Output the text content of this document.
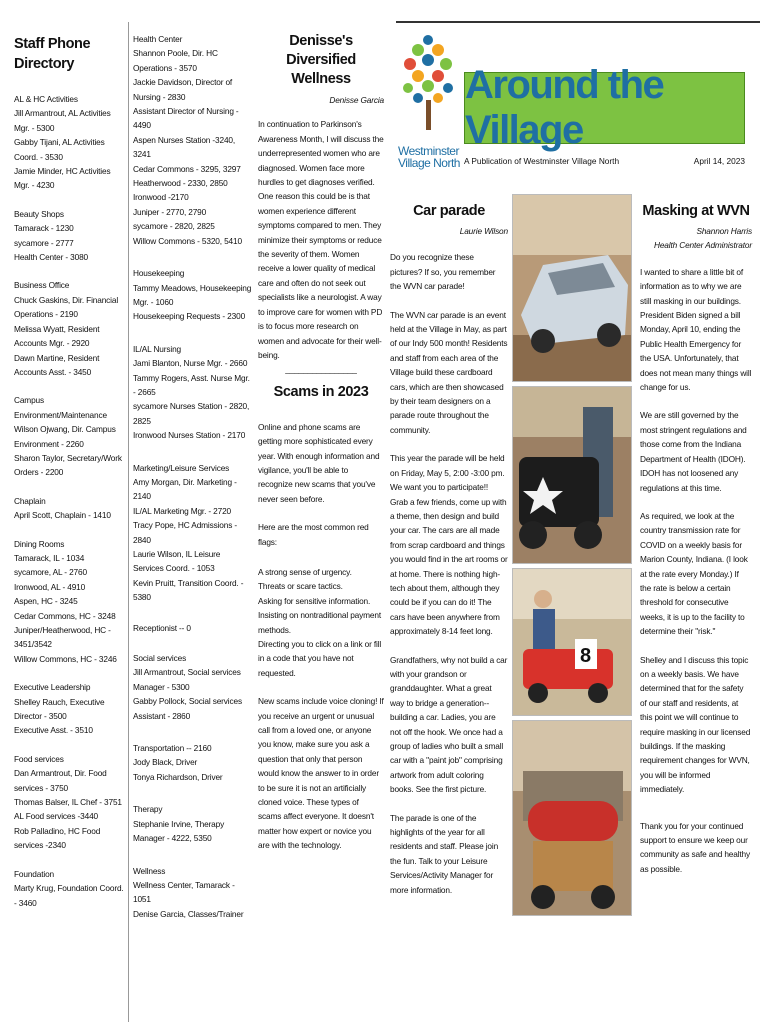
Staff Phone Directory

AL & HC Activities
Jill Armantrout, AL Activities Mgr. - 5300
Gabby Tijani, AL Activities Coord. - 3530
Jamie Minder, HC Activities Mgr. - 4230

Beauty Shops
Tamarack - 1230
sycamore - 2777
Health Center - 3080

Business Office
Chuck Gaskins, Dir. Financial Operations - 2190
Melissa Wyatt, Resident Accounts Mgr. - 2920
Dawn Martine, Resident Accounts Asst. - 3450

Campus Environment/Maintenance
Wilson Ojwang, Dir. Campus Environment - 2260
Sharon Taylor, Secretary/Work Orders - 2200

Chaplain
April Scott, Chaplain - 1410

Dining Rooms
Tamarack, IL - 1034
sycamore, AL - 2760
Ironwood, AL - 4910
Aspen, HC - 3245
Cedar Commons, HC - 3248
Juniper/Heatherwood, HC - 3451/3542
Willow Commons, HC - 3246

Executive Leadership
Shelley Rauch, Executive Director - 3500
Executive Asst. - 3510

Food services
Dan Armantrout, Dir. Food services - 3750
Thomas Balser, IL Chef - 3751
AL Food services -3440
Rob Palladino, HC Food services -2340

Foundation
Marty Krug, Foundation Coord. - 3460

Health Center
Shannon Poole, Dir. HC Operations - 3570
Jackie Davidson, Director of Nursing - 2830
Assistant Director of Nursing - 4490
Aspen Nurses Station -3240, 3241
Cedar Commons - 3295, 3297
Heatherwood - 2330, 2850
Ironwood -2170
Juniper - 2770, 2790
sycamore - 2820, 2825
Willow Commons - 5320, 5410

Housekeeping
Tammy Meadows, Housekeeping Mgr. - 1060
Housekeeping Requests - 2300

IL/AL Nursing
Jami Blanton, Nurse Mgr. - 2660
Tammy Rogers, Asst. Nurse Mgr. - 2665
sycamore Nurses Station - 2820, 2825
Ironwood Nurses Station - 2170

Marketing/Leisure Services
Amy Morgan, Dir. Marketing - 2140
IL/AL Marketing Mgr. - 2720
Tracy Pope, HC Admissions - 2840
Laurie Wilson, IL Leisure Services Coord. - 1053
Kevin Pruitt, Transition Coord. - 5380

Receptionist -- 0

Social services
Jill Armantrout, Social services Manager - 5300
Gabby Pollock, Social services Assistant - 2860

Transportation -- 2160
Jody Black, Driver
Tonya Richardson, Driver

Therapy
Stephanie Irvine, Therapy Manager - 4222, 5350

Wellness
Wellness Center, Tamarack - 1051
Denise Garcia, Classes/Trainer

Denisse's Diversified Wellness
Denisse Garcia

In continuation to Parkinson's Awareness Month, I will discuss the underrepresented women who are diagnosed. Women face more hurdles to get diagnoses verified. One reason this could be is that women experience different symptoms compared to men. They minimize their symptoms or reduce the severity of them. Women receive a lower quality of medical care and often do not seek out specialists like a neurologist. A way to improve care for women with PD is to focus more research on women and advocate for their well-being.

________________
Scams in 2023

Online and phone scams are getting more sophisticated every year. With enough information and vigilance, you'll be able to recognize new scams that you've never seen before.

Here are the most common red flags:

A strong sense of urgency.
Threats or scare tactics.
Asking for sensitive information.
Insisting on nontraditional payment methods.
Directing you to click on a link or fill in a code that you have not requested.

New scams include voice cloning! If you receive an urgent or unusual call from a loved one, or anyone you know, make sure you ask a question that only that person would know the answer to in order to be sure it is not an artificially cloned voice. These types of scams affect everyone. It doesn't matter how expert or novice you are with the technology.

Westminster
Village North
Around the Village
A Publication of Westminster Village North	April 14, 2023
Car parade
Laurie Wilson

Do you recognize these pictures? If so, you remember the WVN car parade!

The WVN car parade is an event held at the Village in May, as part of our Indy 500 month! Residents and staff from each area of the Village build these cardboard cars, which are then showcased by their team designers on a parade route throughout the community.

This year the parade will be held on Friday, May 5, 2:00 -3:00 pm. We want you to participate!! Grab a few friends, come up with a theme, then design and build your car. The cars are all made from scrap cardboard and things you would find in the art rooms or at home. There is nothing high-tech about them, although they could be if you can do it! The cars have been anywhere from approximately 8-14 feet long.

Grandfathers, why not build a car with your grandson or granddaughter. What a great way to bridge a generation-- building a car. Ladies, you are not off the hook. We once had a group of ladies who built a small car with a "paint job" comprising artwork from adult coloring books. See the first picture.

The parade is one of the highlights of the year for all residents and staff. Please join the fun. Talk to your Leisure Services/Activity Manager for more information.

8
Masking at WVN
Shannon Harris
Health Center Administrator

I wanted to share a little bit of information as to why we are still masking in our buildings. President Biden signed a bill Monday, April 10, ending the Public Health Emergency for the USA. Unfortunately, that does not mean many things will change for us.

We are still governed by the most stringent regulations and those come from the Indiana Department of Health (IDOH). IDOH has not loosened any regulations at this time.

As required, we look at the country transmission rate for COVID on a weekly basis for Marion County, Indiana. (I look at the rate every Monday.) If the rate is below a certain threshold for consecutive weeks, it is up to the facility to determine their "risk."

Shelley and I discuss this topic on a weekly basis. We have determined that for the safety of our staff and residents, at this point we will continue to require masking in our licensed buildings. If the masking requirement changes for WVN, you will be informed immediately.

Thank you for your continued support to ensure we keep our community as safe and healthy as possible.
